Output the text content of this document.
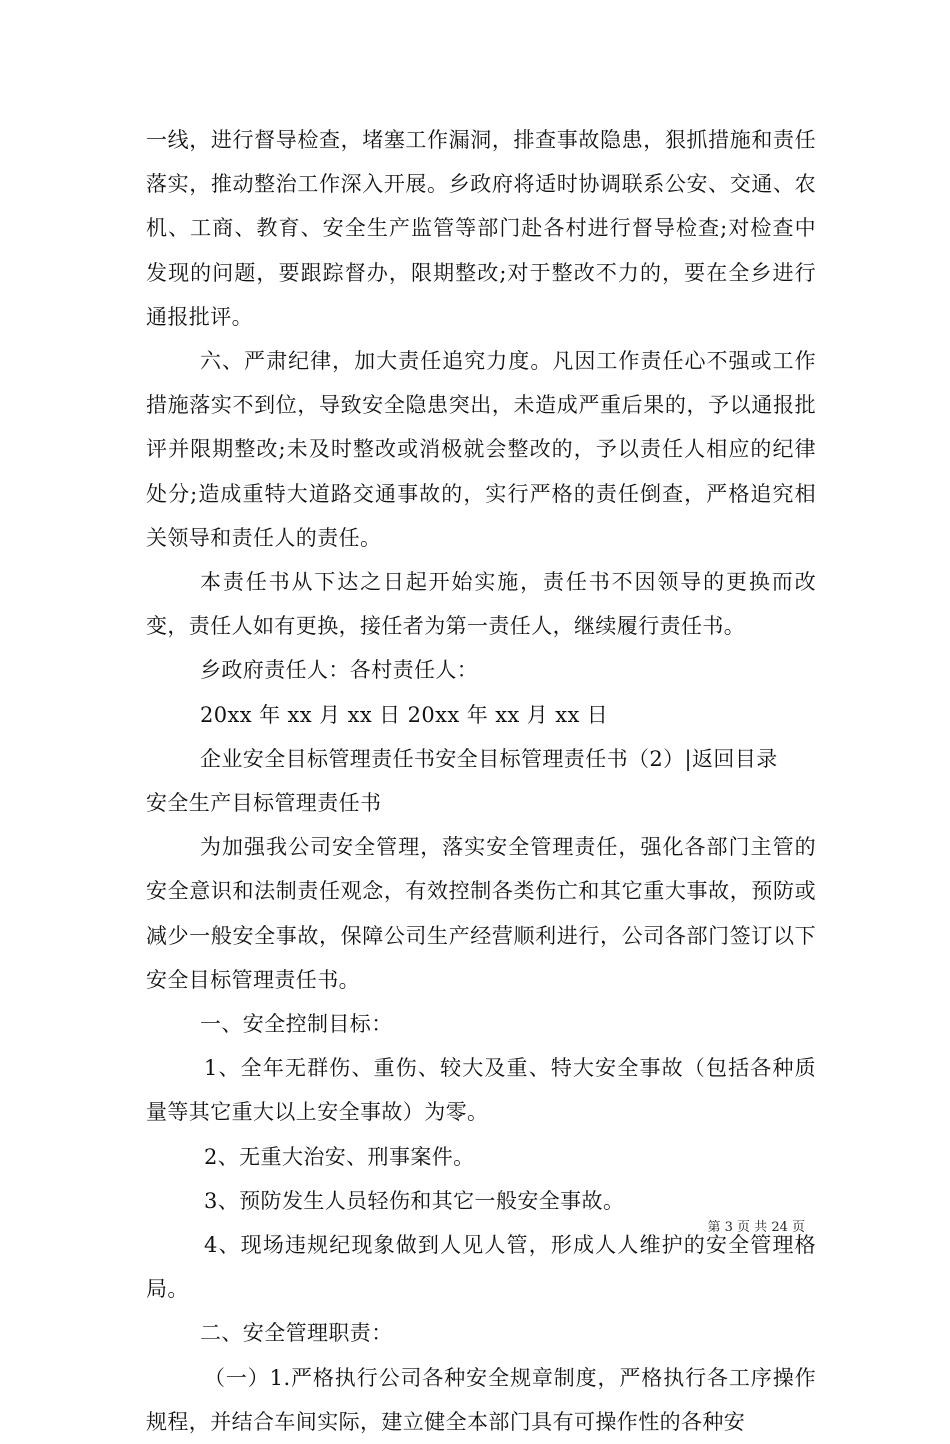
一线，进行督导检查，堵塞工作漏洞，排查事故隐患，狠抓措施和责任落实，推动整治工作深入开展。乡政府将适时协调联系公安、交通、农机、工商、教育、安全生产监管等部门赴各村进行督导检查;对检查中发现的问题，要跟踪督办，限期整改;对于整改不力的，要在全乡进行通报批评。

六、严肃纪律，加大责任追究力度。凡因工作责任心不强或工作措施落实不到位，导致安全隐患突出，未造成严重后果的，予以通报批评并限期整改;未及时整改或消极就会整改的，予以责任人相应的纪律处分;造成重特大道路交通事故的，实行严格的责任倒查，严格追究相关领导和责任人的责任。

本责任书从下达之日起开始实施，责任书不因领导的更换而改变，责任人如有更换，接任者为第一责任人，继续履行责任书。

乡政府责任人：各村责任人：

20xx 年 xx 月 xx 日 20xx 年 xx 月 xx 日

企业安全目标管理责任书安全目标管理责任书（2）|返回目录

安全生产目标管理责任书

为加强我公司安全管理，落实安全管理责任，强化各部门主管的安全意识和法制责任观念，有效控制各类伤亡和其它重大事故，预防或减少一般安全事故，保障公司生产经营顺利进行，公司各部门签订以下安全目标管理责任书。

一、安全控制目标：

1、全年无群伤、重伤、较大及重、特大安全事故（包括各种质量等其它重大以上安全事故）为零。

2、无重大治安、刑事案件。

3、预防发生人员轻伤和其它一般安全事故。

4、现场违规纪现象做到人见人管，形成人人维护的安全管理格局。

二、安全管理职责：

（一）1.严格执行公司各种安全规章制度，严格执行各工序操作规程，并结合车间实际，建立健全本部门具有可操作性的各种安

第 3 页 共 24 页
